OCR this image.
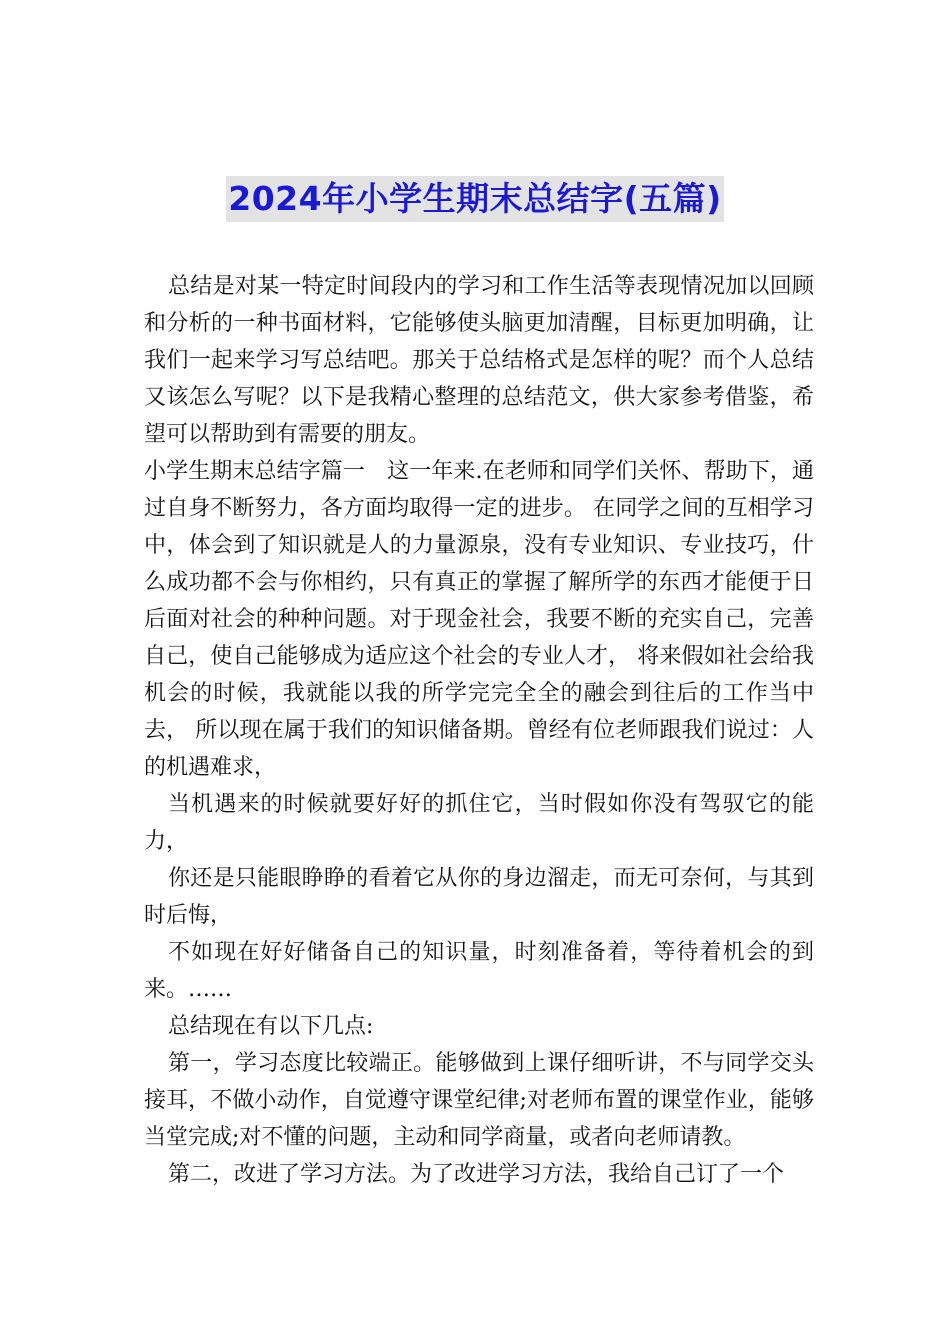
2024年小学生期末总结字(五篇)

总结是对某一特定时间段内的学习和工作生活等表现情况加以回顾和分析的一种书面材料，它能够使头脑更加清醒，目标更加明确，让我们一起来学习写总结吧。那关于总结格式是怎样的呢？而个人总结又该怎么写呢？以下是我精心整理的总结范文，供大家参考借鉴，希望可以帮助到有需要的朋友。

小学生期末总结字篇一　这一年来.在老师和同学们关怀、帮助下，通过自身不断努力，各方面均取得一定的进步。 在同学之间的互相学习中，体会到了知识就是人的力量源泉，没有专业知识、专业技巧，什么成功都不会与你相约，只有真正的掌握了解所学的东西才能便于日后面对社会的种种问题。对于现金社会，我要不断的充实自己，完善自己，使自己能够成为适应这个社会的专业人才， 将来假如社会给我机会的时候，我就能以我的所学完完全全的融会到往后的工作当中去， 所以现在属于我们的知识储备期。曾经有位老师跟我们说过：人的机遇难求，

当机遇来的时候就要好好的抓住它，当时假如你没有驾驭它的能力，

你还是只能眼睁睁的看着它从你的身边溜走，而无可奈何，与其到时后悔，

不如现在好好储备自己的知识量，时刻准备着，等待着机会的到来。……

总结现在有以下几点:

第一，学习态度比较端正。能够做到上课仔细听讲，不与同学交头接耳，不做小动作，自觉遵守课堂纪律;对老师布置的课堂作业，能够当堂完成;对不懂的问题，主动和同学商量，或者向老师请教。

第二，改进了学习方法。为了改进学习方法，我给自己订了一个
